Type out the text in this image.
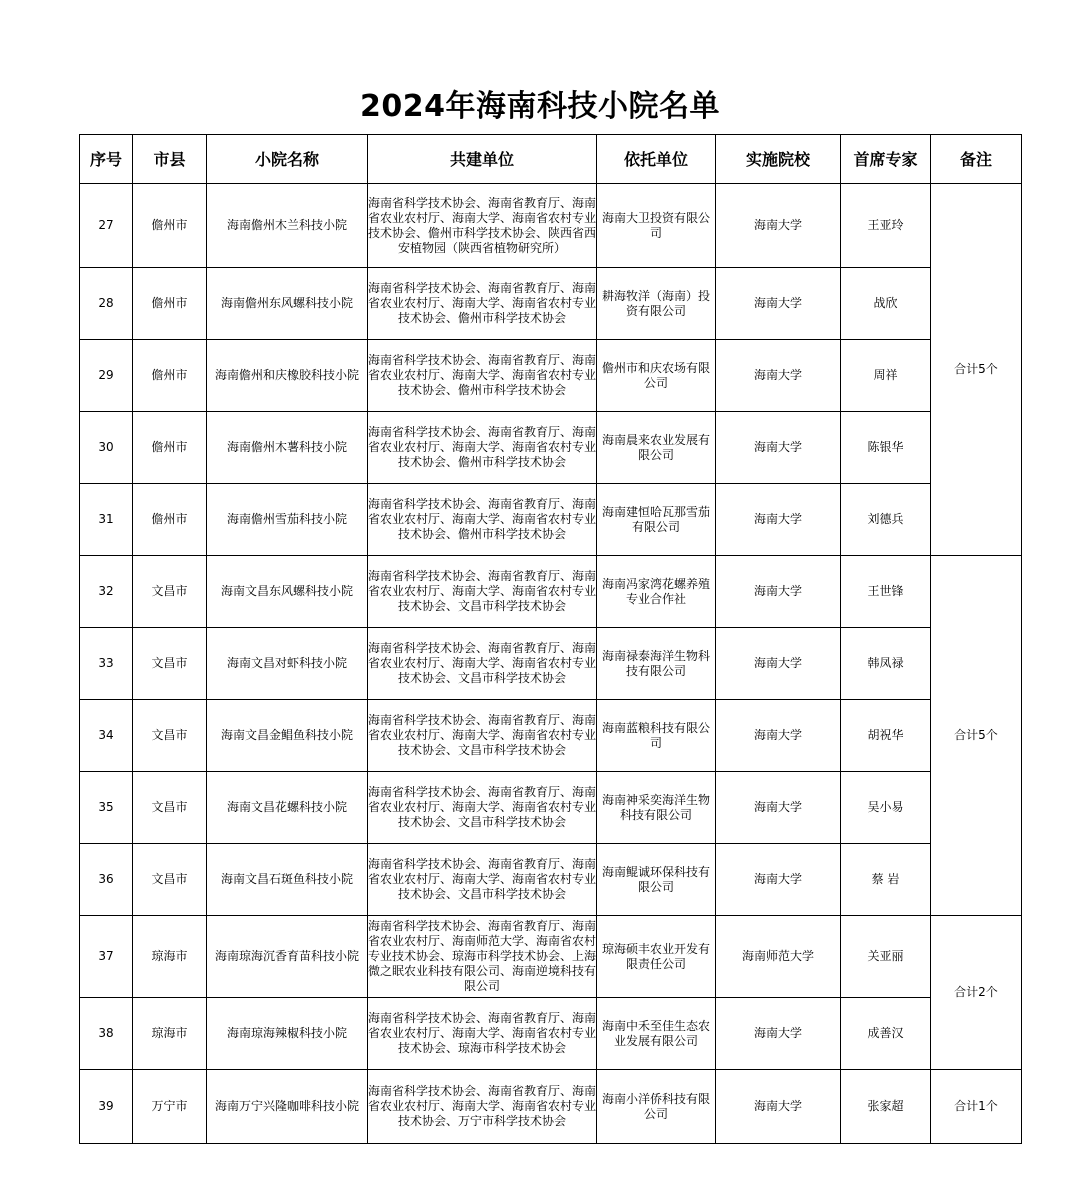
2024年海南科技小院名单
序号	市县	小院名称	共建单位	依托单位	实施院校	首席专家	备注
27	儋州市	海南儋州木兰科技小院	海南省科学技术协会、海南省教育厅、海南省农业农村厅、海南大学、海南省农村专业技术协会、儋州市科学技术协会、陕西省西安植物园（陕西省植物研究所）	海南大卫投资有限公司	海南大学	王亚玲	合计5个
28	儋州市	海南儋州东风螺科技小院	海南省科学技术协会、海南省教育厅、海南省农业农村厅、海南大学、海南省农村专业技术协会、儋州市科学技术协会	耕海牧洋（海南）投资有限公司	海南大学	战欣	
29	儋州市	海南儋州和庆橡胶科技小院	海南省科学技术协会、海南省教育厅、海南省农业农村厅、海南大学、海南省农村专业技术协会、儋州市科学技术协会	儋州市和庆农场有限公司	海南大学	周祥	
30	儋州市	海南儋州木薯科技小院	海南省科学技术协会、海南省教育厅、海南省农业农村厅、海南大学、海南省农村专业技术协会、儋州市科学技术协会	海南晨来农业发展有限公司	海南大学	陈银华	
31	儋州市	海南儋州雪茄科技小院	海南省科学技术协会、海南省教育厅、海南省农业农村厅、海南大学、海南省农村专业技术协会、儋州市科学技术协会	海南建恒哈瓦那雪茄有限公司	海南大学	刘德兵	
32	文昌市	海南文昌东风螺科技小院	海南省科学技术协会、海南省教育厅、海南省农业农村厅、海南大学、海南省农村专业技术协会、文昌市科学技术协会	海南冯家湾花螺养殖专业合作社	海南大学	王世锋	合计5个
33	文昌市	海南文昌对虾科技小院	海南省科学技术协会、海南省教育厅、海南省农业农村厅、海南大学、海南省农村专业技术协会、文昌市科学技术协会	海南禄泰海洋生物科技有限公司	海南大学	韩凤禄	
34	文昌市	海南文昌金鲳鱼科技小院	海南省科学技术协会、海南省教育厅、海南省农业农村厅、海南大学、海南省农村专业技术协会、文昌市科学技术协会	海南蓝粮科技有限公司	海南大学	胡祝华	
35	文昌市	海南文昌花螺科技小院	海南省科学技术协会、海南省教育厅、海南省农业农村厅、海南大学、海南省农村专业技术协会、文昌市科学技术协会	海南神采奕海洋生物科技有限公司	海南大学	吴小易	
36	文昌市	海南文昌石斑鱼科技小院	海南省科学技术协会、海南省教育厅、海南省农业农村厅、海南大学、海南省农村专业技术协会、文昌市科学技术协会	海南鲲诚环保科技有限公司	海南大学	蔡 岩	
37	琼海市	海南琼海沉香育苗科技小院	海南省科学技术协会、海南省教育厅、海南省农业农村厅、海南师范大学、海南省农村专业技术协会、琼海市科学技术协会、上海微之眠农业科技有限公司、海南逆境科技有限公司	琼海硕丰农业开发有限责任公司	海南师范大学	关亚丽	合计2个
38	琼海市	海南琼海辣椒科技小院	海南省科学技术协会、海南省教育厅、海南省农业农村厅、海南大学、海南省农村专业技术协会、琼海市科学技术协会	海南中禾至佳生态农业发展有限公司	海南大学	成善汉	
39	万宁市	海南万宁兴隆咖啡科技小院	海南省科学技术协会、海南省教育厅、海南省农业农村厅、海南大学、海南省农村专业技术协会、万宁市科学技术协会	海南小洋侨科技有限公司	海南大学	张家超	合计1个
